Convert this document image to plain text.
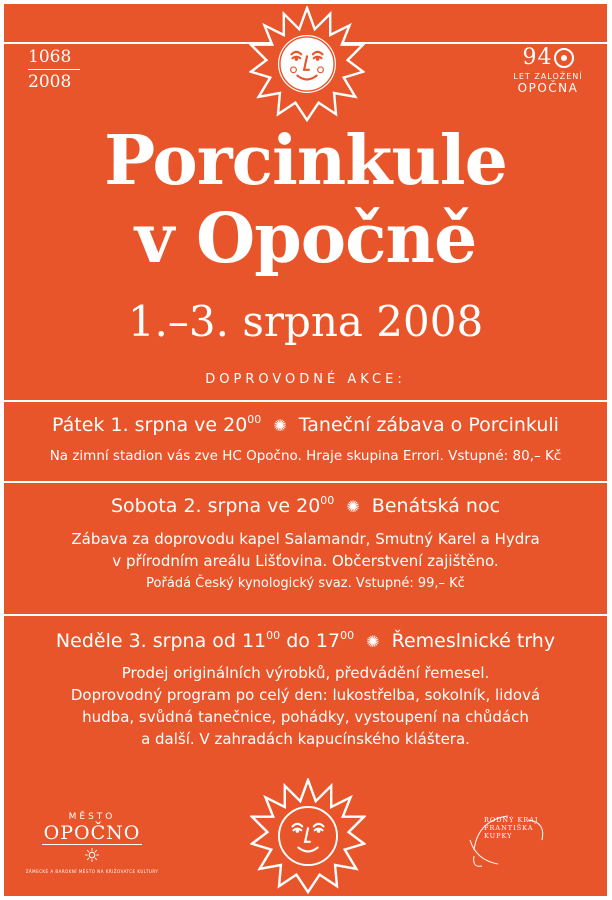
1068
2008
94
LET ZALOŽENÍ
OPOČNA
Porcinkule
v Opočně
1.–3. srpna 2008
DOPROVODNÉ AKCE:
Pátek 1. srpna ve $20^{00}$ ✺ Taneční zábava o Porcinkuli
Na zimní stadion vás zve HC Opočno. Hraje skupina Errori. Vstupné: 80,– Kč
Sobota 2. srpna ve $20^{00}$ ✺ Benátská noc
Zábava za doprovodu kapel Salamandr, Smutný Karel a Hydra
v přírodním areálu Lišťovina. Občerstvení zajištěno.
Pořádá Český kynologický svaz. Vstupné: 99,– Kč
Neděle 3. srpna od $11^{00}$ do $17^{00}$ ✺ Řemeslnické trhy
Prodej originálních výrobků, předvádění řemesel.
Doprovodný program po celý den: lukostřelba, sokolník, lidová
hudba, svůdná tanečnice, pohádky, vystoupení na chůdách
a další. V zahradách kapucínského kláštera.
MĚSTO
OPOČNO
ZÁMECKÉ A BAROKNÍ MĚSTO NA KŘIŽOVATCE KULTURY
RODNÝ KRAJ FRANTIŠKA KUPKY
